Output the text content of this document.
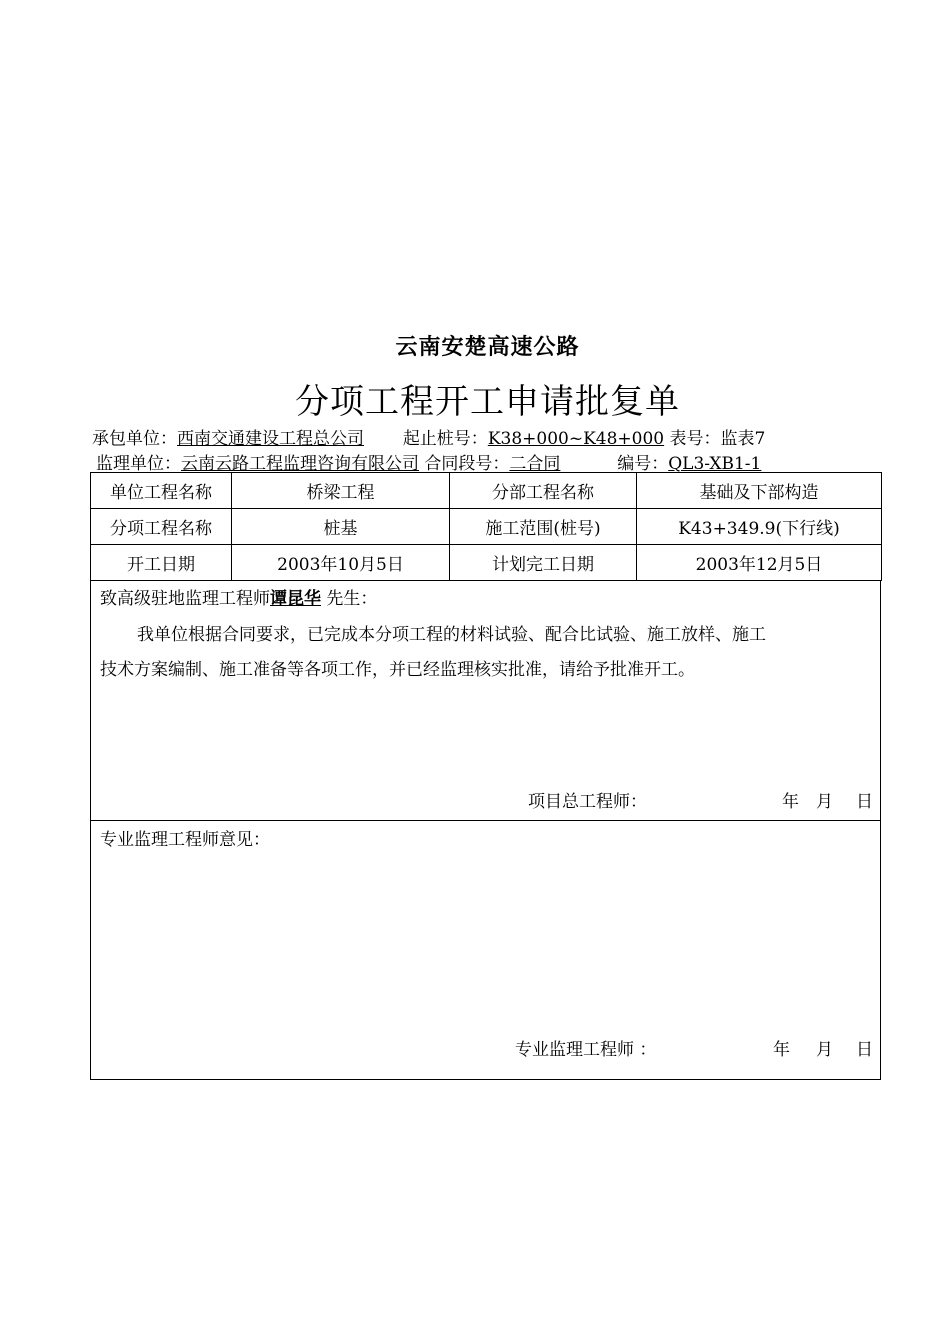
云南安楚高速公路
分项工程开工申请批复单
承包单位：西南交通建设工程总公司 起止桩号：K38+000~K48+000 表号：监表7
监理单位：云南云路工程监理咨询有限公司 合同段号：二合同	编号：QL3-XB1-1
单位工程名称	桥梁工程	分部工程名称	基础及下部构造
分项工程名称	桩基	施工范围(桩号)	K43+349.9(下行线)
开工日期	2003年10月5日	计划完工日期	2003年12月5日
致高级驻地监理工程师谭昆华 先生：
我单位根据合同要求，已完成本分项工程的材料试验、配合比试验、施工放样、施工
技术方案编制、施工准备等各项工作，并已经监理核实批准，请给予批准开工。
项目总工程师：	年 月 日
专业监理工程师意见：
专业监理工程师 ：	年 月 日
